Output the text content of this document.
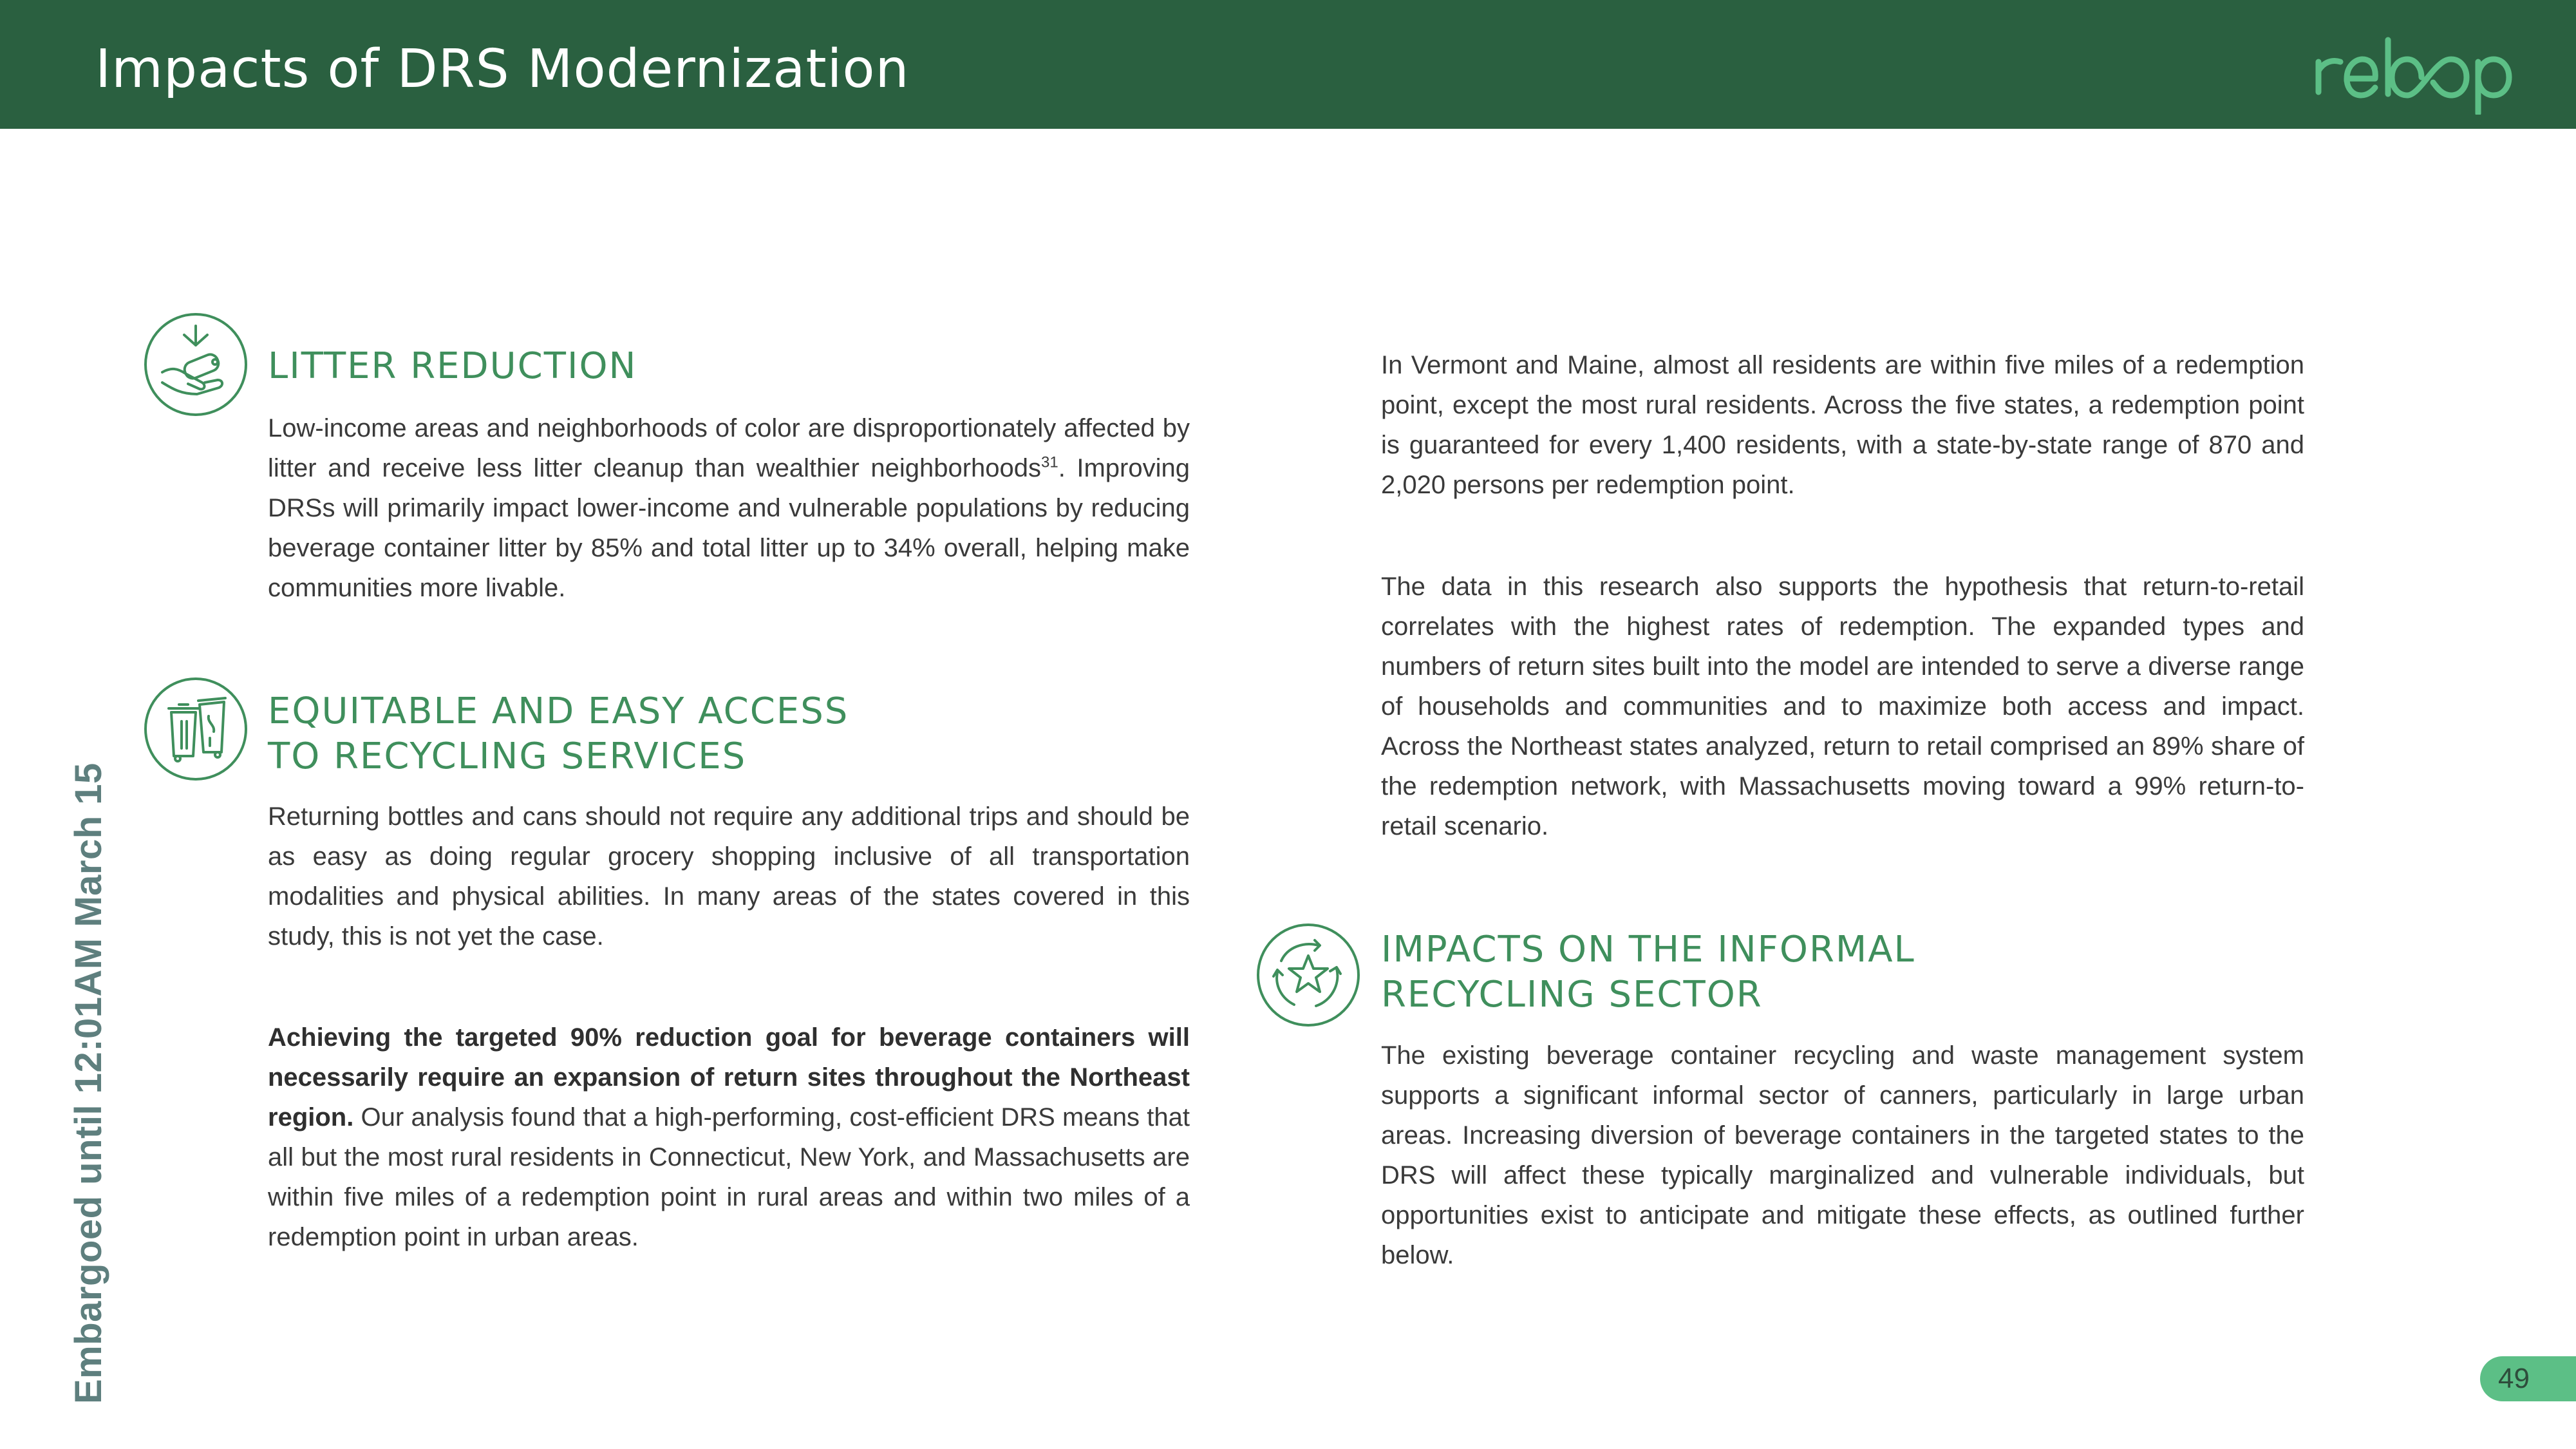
Impacts of DRS Modernization
LITTER REDUCTION
Low-income areas and neighborhoods of color are disproportionately affected by litter and receive less litter cleanup than wealthier neighborhoods$^{31}$. Improving DRSs will primarily impact lower-income and vulnerable populations by reducing beverage container litter by 85% and total litter up to 34% overall, helping make communities more livable.
EQUITABLE AND EASY ACCESS
TO RECYCLING SERVICES
Returning bottles and cans should not require any additional trips and should be as easy as doing regular grocery shopping inclusive of all transportation modalities and physical abilities. In many areas of the states covered in this study, this is not yet the case.
Achieving the targeted 90% reduction goal for beverage containers will necessarily require an expansion of return sites throughout the Northeast region. Our analysis found that a high-performing, cost-efficient DRS means that all but the most rural residents in Connecticut, New York, and Massachusetts are within five miles of a redemption point in rural areas and within two miles of a redemption point in urban areas.
In Vermont and Maine, almost all residents are within five miles of a redemption point, except the most rural residents. Across the five states, a redemption point is guaranteed for every 1,400 residents, with a state-by-state range of 870 and 2,020 persons per redemption point.
The data in this research also supports the hypothesis that return-to-retail correlates with the highest rates of redemption. The expanded types and numbers of return sites built into the model are intended to serve a diverse range of households and communities and to maximize both access and impact. Across the Northeast states analyzed, return to retail comprised an 89% share of the redemption network, with Massachusetts moving toward a 99% return-to-retail scenario.
IMPACTS ON THE INFORMAL
RECYCLING SECTOR
The existing beverage container recycling and waste management system supports a significant informal sector of canners, particularly in large urban areas. Increasing diversion of beverage containers in the targeted states to the DRS will affect these typically marginalized and vulnerable individuals, but opportunities exist to anticipate and mitigate these effects, as outlined further below.
Embargoed until 12:01AM March 15	49
